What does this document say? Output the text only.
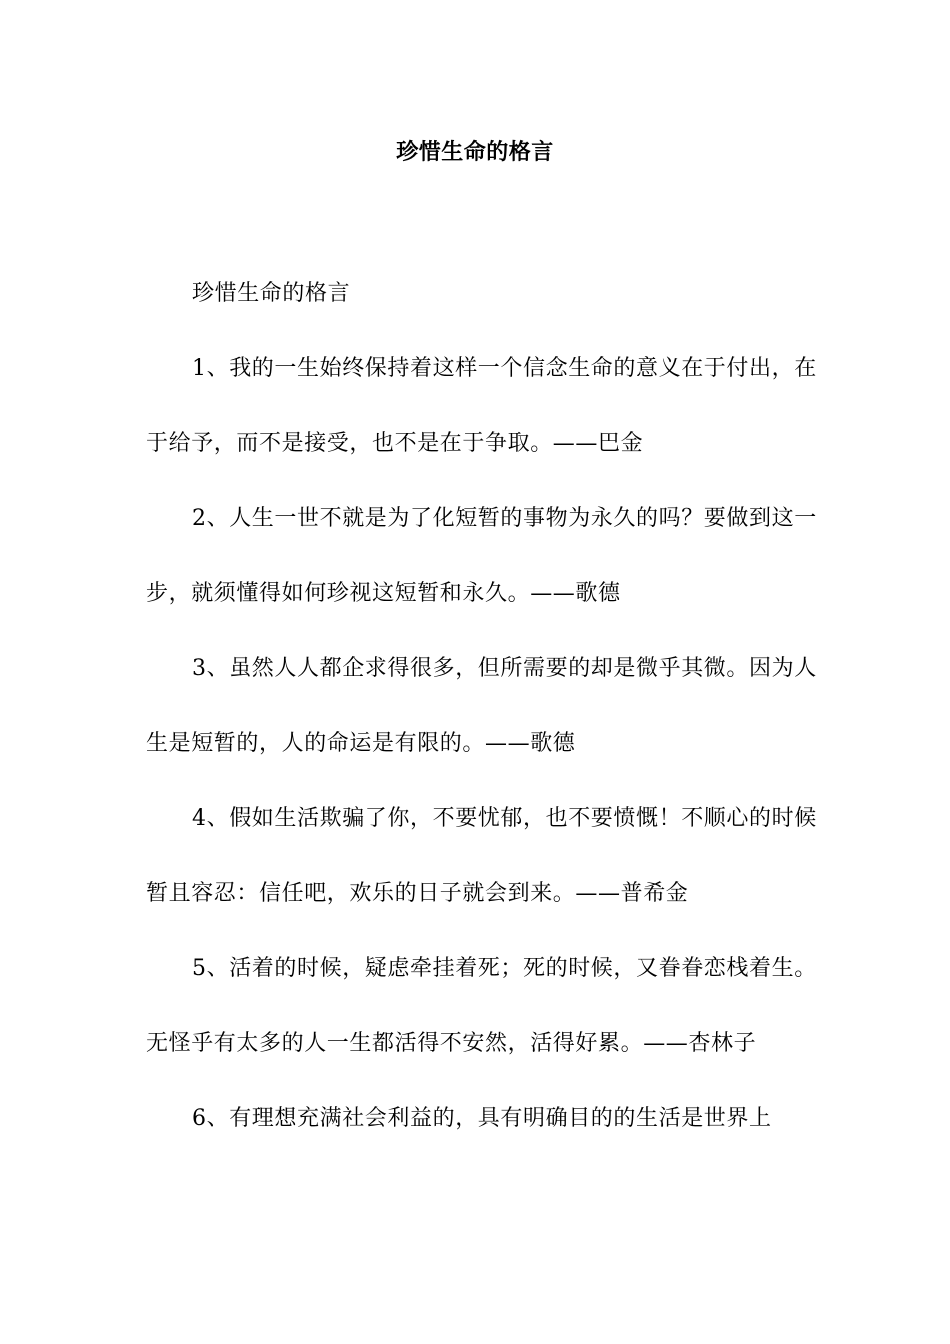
珍惜生命的格言

珍惜生命的格言

1、我的一生始终保持着这样一个信念生命的意义在于付出，在于给予，而不是接受，也不是在于争取。——巴金

2、人生一世不就是为了化短暂的事物为永久的吗？要做到这一步，就须懂得如何珍视这短暂和永久。——歌德

3、虽然人人都企求得很多，但所需要的却是微乎其微。因为人生是短暂的，人的命运是有限的。——歌德

4、假如生活欺骗了你，不要忧郁，也不要愤慨！不顺心的时候暂且容忍：信任吧，欢乐的日子就会到来。——普希金

5、活着的时候，疑虑牵挂着死；死的时候，又眷眷恋栈着生。无怪乎有太多的人一生都活得不安然，活得好累。——杏林子

6、有理想充满社会利益的，具有明确目的的生活是世界上
